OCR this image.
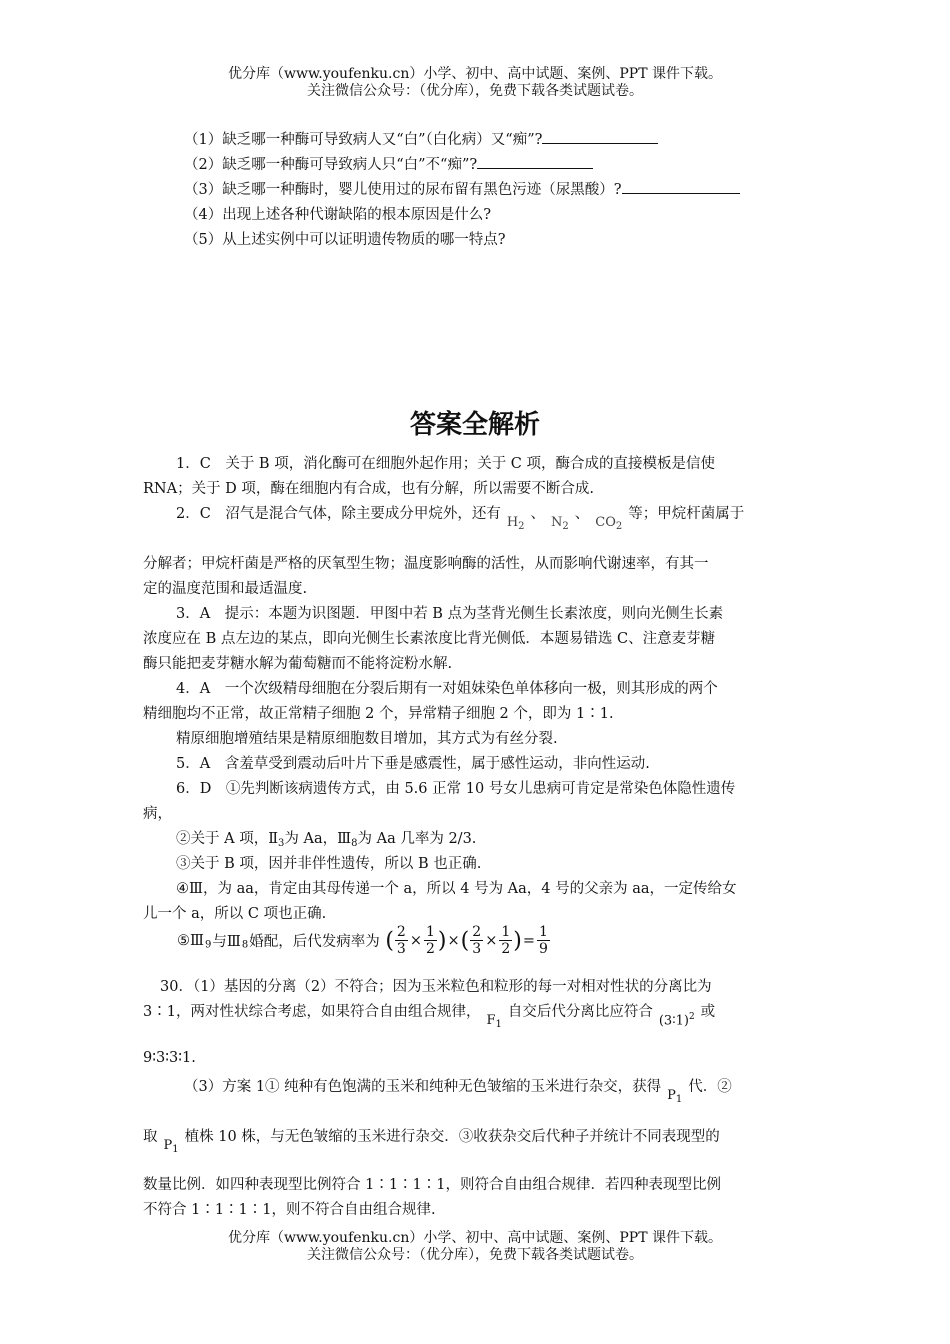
优分库（www.youfenku.cn）小学、初中、高中试题、案例、PPT 课件下载。
关注微信公众号：（优分库），免费下载各类试题试卷。
（1）缺乏哪一种酶可导致病人又“白”（白化病）又“痴”?
（2）缺乏哪一种酶可导致病人只“白”不“痴”?
（3）缺乏哪一种酶时，婴儿使用过的尿布留有黑色污迹（尿黑酸）?
（4）出现上述各种代谢缺陷的根本原因是什么?
（5）从上述实例中可以证明遗传物质的哪一特点?
答案全解析
1．C　关于 B 项，消化酶可在细胞外起作用；关于 C 项，酶合成的直接模板是信使
RNA；关于 D 项，酶在细胞内有合成，也有分解，所以需要不断合成.
2．C　沼气是混合气体，除主要成分甲烷外，还有$H_2$、$N_2$、$CO_2$等；甲烷杆菌属于
分解者；甲烷杆菌是严格的厌氧型生物；温度影响酶的活性，从而影响代谢速率，有其一
定的温度范围和最适温度.
3．A　提示：本题为识图题．甲图中若 B 点为茎背光侧生长素浓度，则向光侧生长素
浓度应在 B 点左边的某点，即向光侧生长素浓度比背光侧低．本题易错选 C、注意麦芽糖
酶只能把麦芽糖水解为葡萄糖而不能将淀粉水解.
4．A　一个次级精母细胞在分裂后期有一对姐妹染色单体移向一极，则其形成的两个
精细胞均不正常，故正常精子细胞 2 个，异常精子细胞 2 个，即为 1∶1.
精原细胞增殖结果是精原细胞数目增加，其方式为有丝分裂.
5．A　含羞草受到震动后叶片下垂是感震性，属于感性运动，非向性运动.
6．D　①先判断该病遗传方式，由 5.6 正常 10 号女儿患病可肯定是常染色体隐性遗传
病，
②关于 A 项，$Ⅱ_3$为 Aa，$Ⅲ_8$为 Aa 几率为 2/3.
③关于 B 项，因并非伴性遗传，所以 B 也正确.
④Ⅲ，为 aa，肯定由其母传递一个 a，所以 4 号为 Aa，4 号的父亲为 aa，一定传给女
儿一个 a，所以 C 项也正确.
$⑤Ⅲ_9$与$Ⅲ_8$婚配，后代发病率为 ( $\frac{2}{3} \times \frac{1}{2}$ )×( $\frac{2}{3} \times \frac{1}{2}$ )= $\frac{1}{9}$
30．（1）基因的分离（2）不符合；因为玉米粒色和粒形的每一对相对性状的分离比为
3∶1，两对性状综合考虑，如果符合自由组合规律，$F_1$自交后代分离比应符合(3∶1)$^2$ 或
9∶3∶3∶1.
（3）方案 1① 纯种有色饱满的玉米和纯种无色皱缩的玉米进行杂交，获得$P_1$代．②
取$P_1$植株 10 株，与无色皱缩的玉米进行杂交．③收获杂交后代种子并统计不同表现型的
数量比例．如四种表现型比例符合 1∶1∶1∶1，则符合自由组合规律．若四种表现型比例
不符合 1∶1∶1∶1，则不符合自由组合规律.
优分库（www.youfenku.cn）小学、初中、高中试题、案例、PPT 课件下载。
关注微信公众号：（优分库），免费下载各类试题试卷。
